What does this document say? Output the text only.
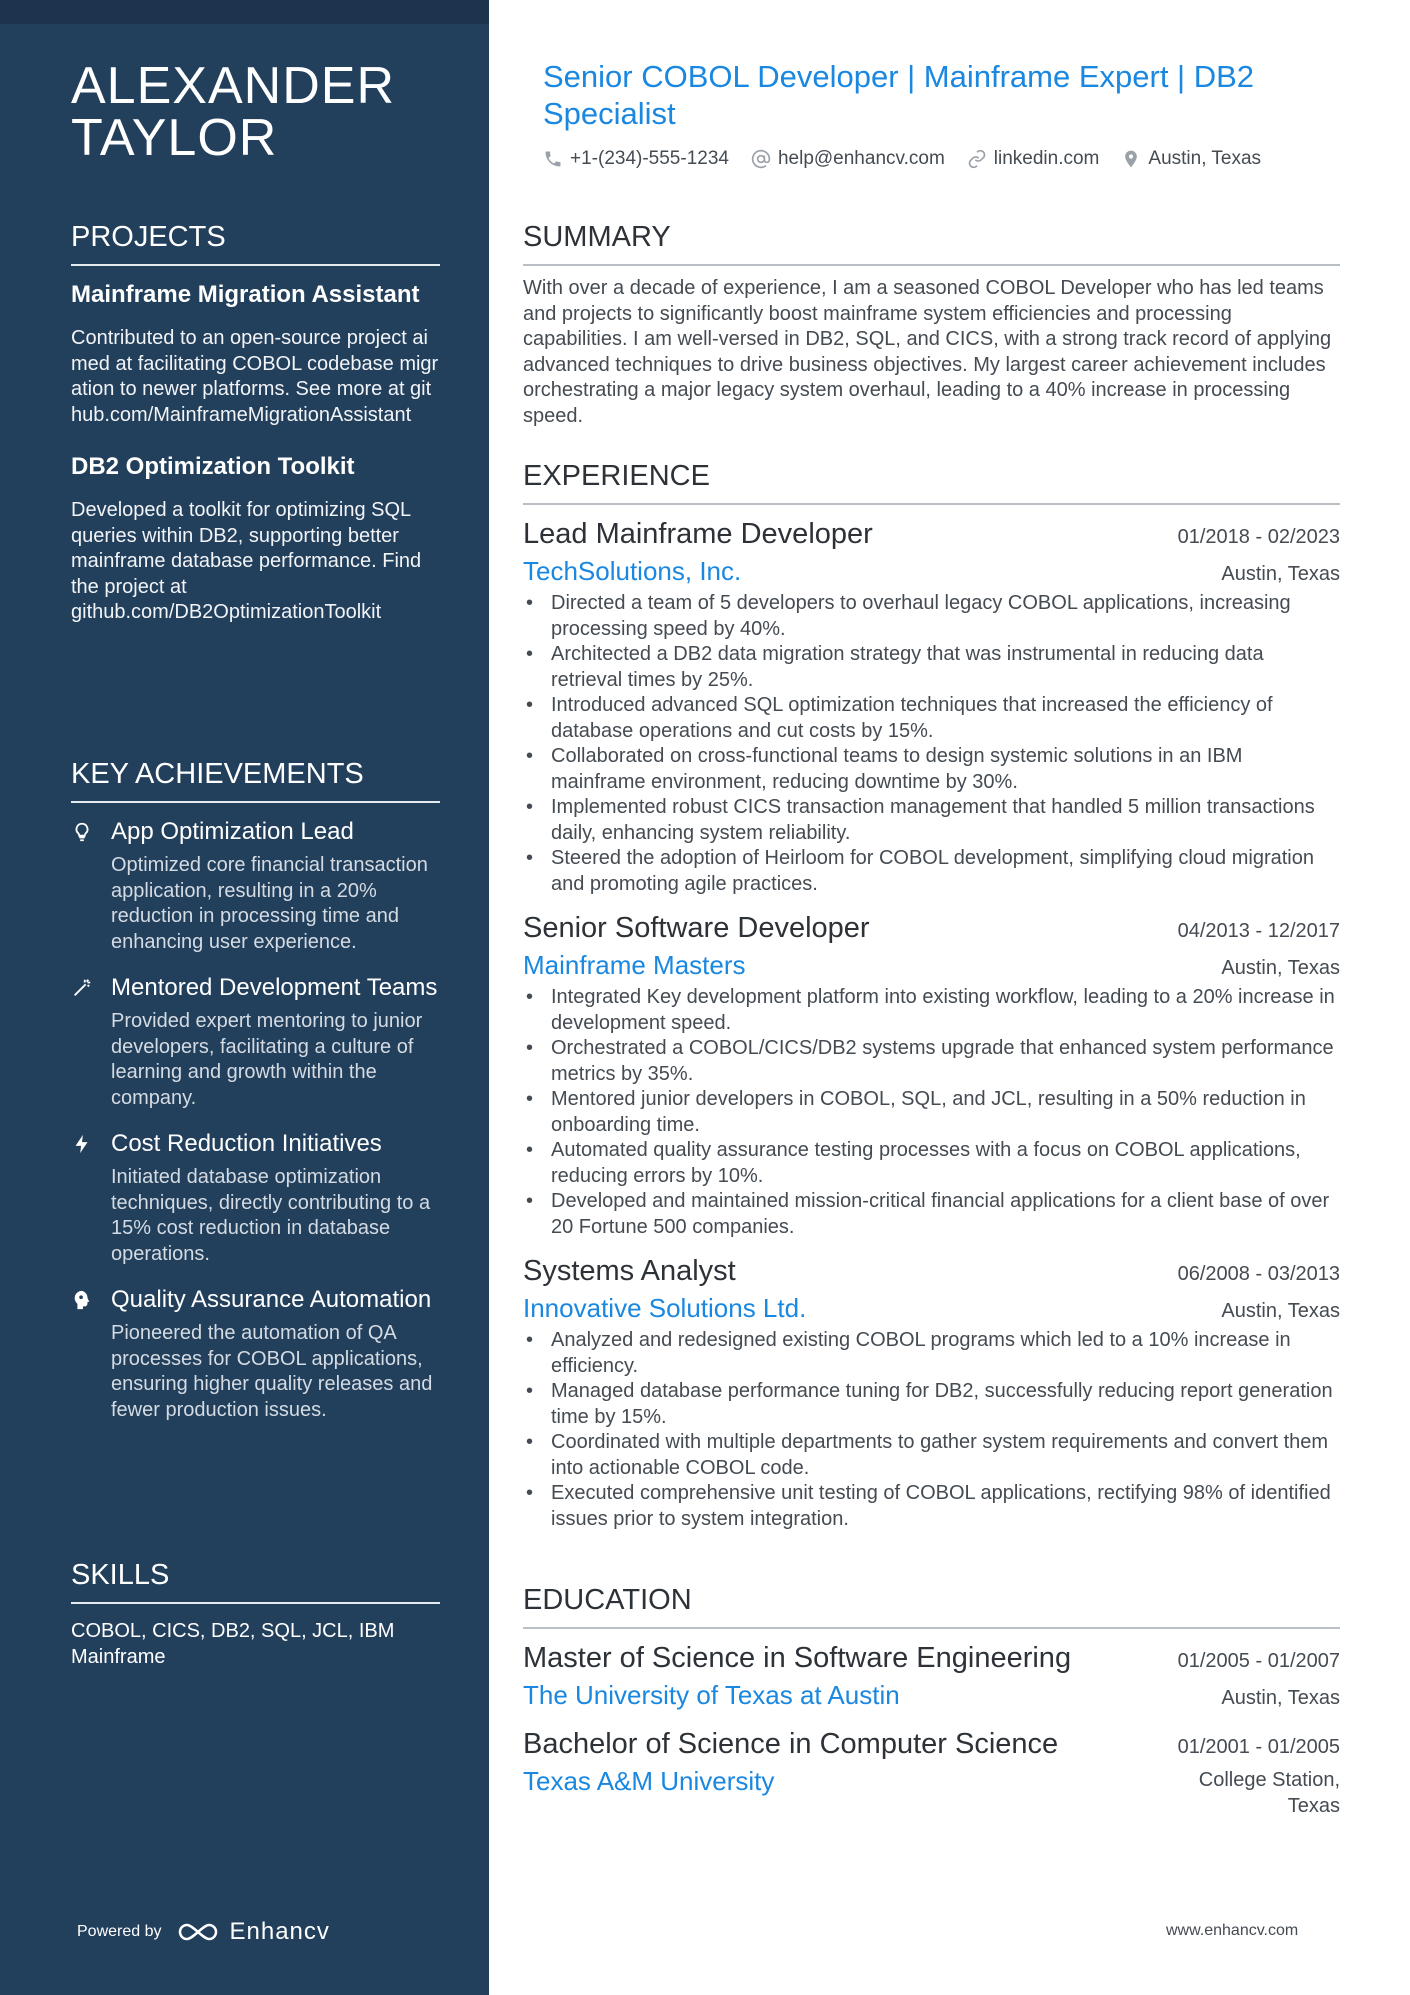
ALEXANDER TAYLOR
PROJECTS
Mainframe Migration Assistant
Contributed to an open-source project aimed at facilitating COBOL codebase migration to newer platforms. See more at github.com/MainframeMigrationAssistant
DB2 Optimization Toolkit
Developed a toolkit for optimizing SQL queries within DB2, supporting better mainframe database performance. Find the project at github.com/DB2OptimizationToolkit
KEY ACHIEVEMENTS
App Optimization Lead
Optimized core financial transaction application, resulting in a 20% reduction in processing time and enhancing user experience.
Mentored Development Teams
Provided expert mentoring to junior developers, facilitating a culture of learning and growth within the company.
Cost Reduction Initiatives
Initiated database optimization techniques, directly contributing to a 15% cost reduction in database operations.
Quality Assurance Automation
Pioneered the automation of QA processes for COBOL applications, ensuring higher quality releases and fewer production issues.
SKILLS
COBOL, CICS, DB2, SQL, JCL, IBM Mainframe
Powered by	Enhancv
Senior COBOL Developer | Mainframe Expert | DB2 Specialist
+1-(234)-555-1234	help@enhancv.com	linkedin.com	Austin, Texas
SUMMARY
With over a decade of experience, I am a seasoned COBOL Developer who has led teams and projects to significantly boost mainframe system efficiencies and processing capabilities. I am well-versed in DB2, SQL, and CICS, with a strong track record of applying advanced techniques to drive business objectives. My largest career achievement includes orchestrating a major legacy system overhaul, leading to a 40% increase in processing speed.
EXPERIENCE
Lead Mainframe Developer	01/2018 - 02/2023
TechSolutions, Inc.	Austin, Texas
• Directed a team of 5 developers to overhaul legacy COBOL applications, increasing processing speed by 40%.
• Architected a DB2 data migration strategy that was instrumental in reducing data retrieval times by 25%.
• Introduced advanced SQL optimization techniques that increased the efficiency of database operations and cut costs by 15%.
• Collaborated on cross-functional teams to design systemic solutions in an IBM mainframe environment, reducing downtime by 30%.
• Implemented robust CICS transaction management that handled 5 million transactions daily, enhancing system reliability.
• Steered the adoption of Heirloom for COBOL development, simplifying cloud migration and promoting agile practices.
Senior Software Developer	04/2013 - 12/2017
Mainframe Masters	Austin, Texas
• Integrated Key development platform into existing workflow, leading to a 20% increase in development speed.
• Orchestrated a COBOL/CICS/DB2 systems upgrade that enhanced system performance metrics by 35%.
• Mentored junior developers in COBOL, SQL, and JCL, resulting in a 50% reduction in onboarding time.
• Automated quality assurance testing processes with a focus on COBOL applications, reducing errors by 10%.
• Developed and maintained mission-critical financial applications for a client base of over 20 Fortune 500 companies.
Systems Analyst	06/2008 - 03/2013
Innovative Solutions Ltd.	Austin, Texas
• Analyzed and redesigned existing COBOL programs which led to a 10% increase in efficiency.
• Managed database performance tuning for DB2, successfully reducing report generation time by 15%.
• Coordinated with multiple departments to gather system requirements and convert them into actionable COBOL code.
• Executed comprehensive unit testing of COBOL applications, rectifying 98% of identified issues prior to system integration.
EDUCATION
Master of Science in Software Engineering	01/2005 - 01/2007
The University of Texas at Austin	Austin, Texas
Bachelor of Science in Computer Science	01/2001 - 01/2005
Texas A&M University	College Station, Texas
www.enhancv.com
